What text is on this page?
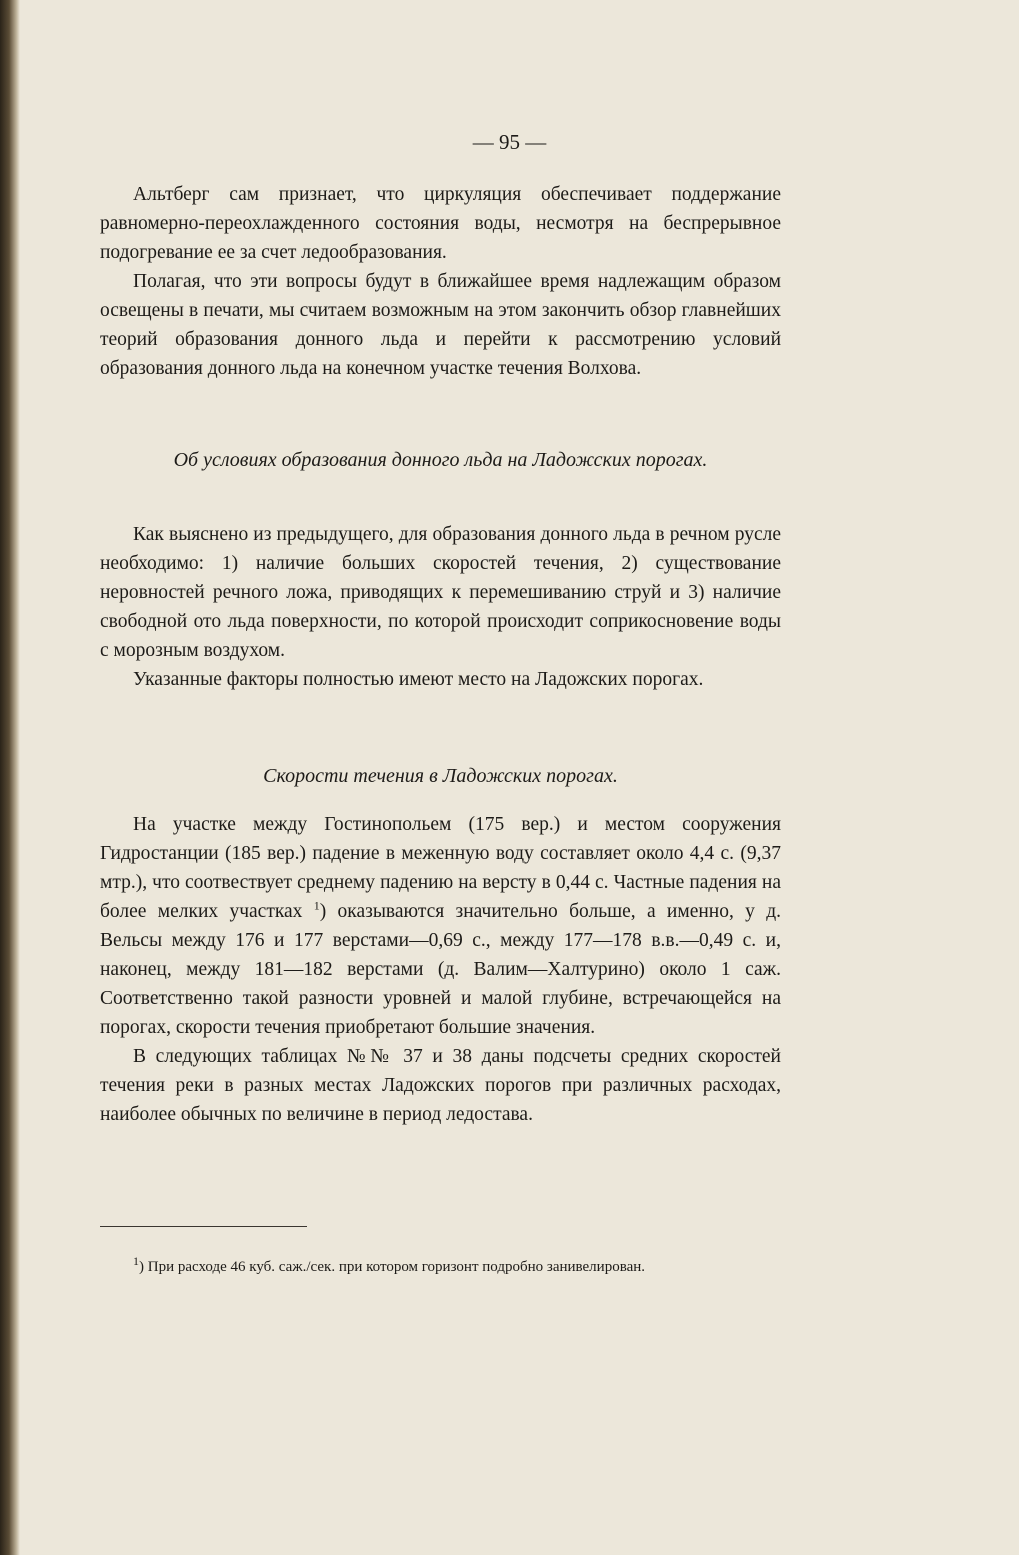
— 95 —

Альтберг сам признает, что циркуляция обеспечивает поддержание равномерно-переохлажденного состояния воды, несмотря на беспрерывное подогревание ее за счет ледообразования.

Полагая, что эти вопросы будут в ближайшее время надлежащим образом освещены в печати, мы считаем возможным на этом закончить обзор главнейших теорий образования донного льда и перейти к рассмотрению условий образования донного льда на конечном участке течения Волхова.

Об условиях образования донного льда на Ладожских порогах.

Как выяснено из предыдущего, для образования донного льда в речном русле необходимо: 1) наличие больших скоростей течения, 2) существование неровностей речного ложа, приводящих к перемешиванию струй и 3) наличие свободной ото льда поверхности, по которой происходит соприкосновение воды с морозным воздухом.

Указанные факторы полностью имеют место на Ладожских порогах.

Скорости течения в Ладожских порогах.

На участке между Гостинопольем (175 вер.) и местом сооружения Гидростанции (185 вер.) падение в меженную воду составляет около 4,4 с. (9,37 мтр.), что соотвествует среднему падению на версту в 0,44 с. Частные падения на более мелких участках $^1$) оказываются значительно больше, а именно, у д. Вельсы между 176 и 177 верстами—0,69 с., между 177—178 в.в.—0,49 с. и, наконец, между 181—182 верстами (д. Валим—Халтурино) около 1 саж. Соответственно такой разности уровней и малой глубине, встречающейся на порогах, скорости течения приобретают большие значения.

В следующих таблицах №№ 37 и 38 даны подсчеты средних скоростей течения реки в разных местах Ладожских порогов при различных расходах, наиболее обычных по величине в период ледостава.

$^1$) При расходе 46 куб. саж./сек. при котором горизонт подробно занивелирован.
